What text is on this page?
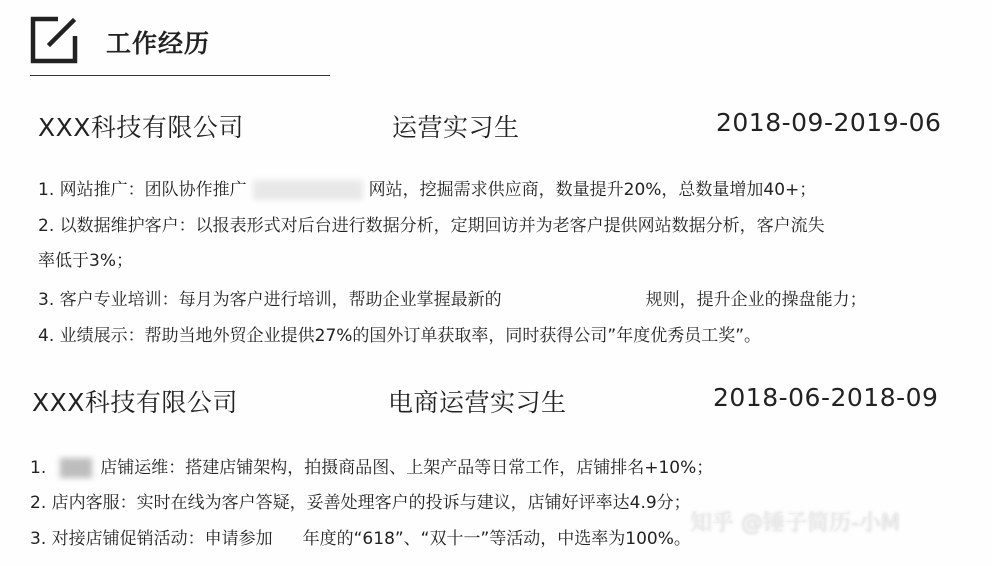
工作经历
XXX科技有限公司	运营实习生	2018-09-2019-06
1. 网站推广：团队协作推广	网站，挖掘需求供应商，数量提升20%，总数量增加40+；
2. 以数据维护客户：以报表形式对后台进行数据分析，定期回访并为老客户提供网站数据分析，客户流失
率低于3%；
3. 客户专业培训：每月为客户进行培训，帮助企业掌握最新的	规则，提升企业的操盘能力；
4. 业绩展示：帮助当地外贸企业提供27%的国外订单获取率，同时获得公司”年度优秀员工奖”。
XXX科技有限公司	电商运营实习生	2018-06-2018-09
1.	店铺运维：搭建店铺架构，拍摄商品图、上架产品等日常工作，店铺排名+10%；
2. 店内客服：实时在线为客户答疑，妥善处理客户的投诉与建议，店铺好评率达4.9分；
3. 对接店铺促销活动：申请参加 年度的“618”、“双十一”等活动，中选率为100%。
知乎 @锤子简历-小M
